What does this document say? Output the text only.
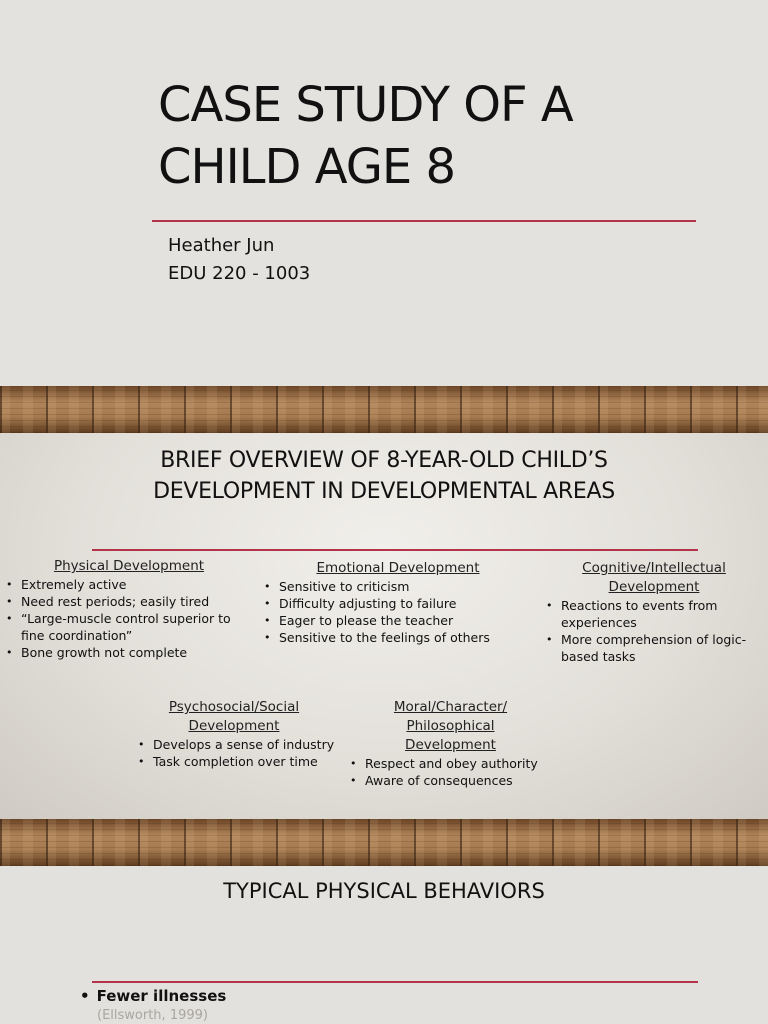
CASE STUDY OF A
CHILD AGE 8
Heather Jun
EDU 220 - 1003
BRIEF OVERVIEW OF 8-YEAR-OLD CHILD’S
DEVELOPMENT IN DEVELOPMENTAL AREAS
Physical Development
• Extremely active
• Need rest periods; easily tired
• “Large-muscle control superior to fine coordination”
• Bone growth not complete
Emotional Development
• Sensitive to criticism
• Difficulty adjusting to failure
• Eager to please the teacher
• Sensitive to the feelings of others
Cognitive/Intellectual
Development
• Reactions to events from experiences
• More comprehension of logic-based tasks
Psychosocial/Social
Development
• Develops a sense of industry
• Task completion over time
Moral/Character/ Philosophical
Development
• Respect and obey authority
• Aware of consequences
TYPICAL PHYSICAL BEHAVIORS
• Fewer illnesses
(Ellsworth, 1999)
